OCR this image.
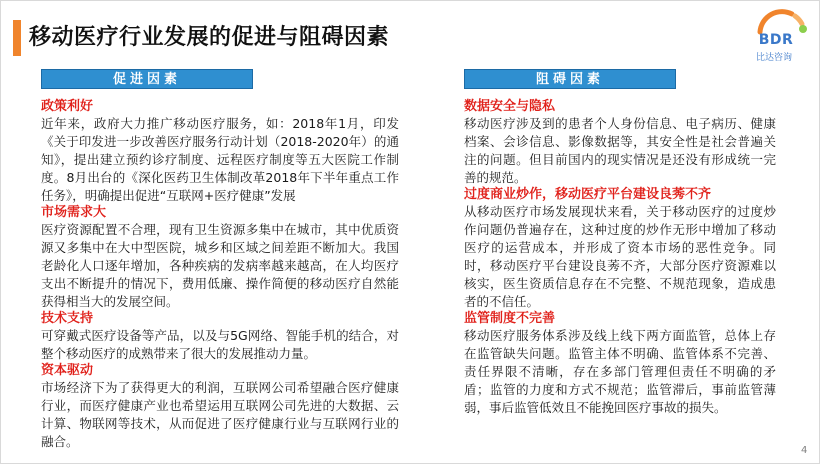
移动医疗行业发展的促进与阻碍因素	BDR
比达咨询
促进因素

政策利好

近年来，政府大力推广移动医疗服务，如：2018年1月，印发《关于印发进一步改善医疗服务行动计划（2018-2020年）的通知》，提出建立预约诊疗制度、远程医疗制度等五大医院工作制度。8月出台的《深化医药卫生体制改革2018年下半年重点工作任务》，明确提出促进“互联网+医疗健康”发展

市场需求大

医疗资源配置不合理，现有卫生资源多集中在城市，其中优质资源又多集中在大中型医院，城乡和区域之间差距不断加大。我国老龄化人口逐年增加，各种疾病的发病率越来越高，在人均医疗支出不断提升的情况下，费用低廉、操作简便的移动医疗自然能获得相当大的发展空间。

技术支持

可穿戴式医疗设备等产品，以及与5G网络、智能手机的结合，对整个移动医疗的成熟带来了很大的发展推动力量。

资本驱动

市场经济下为了获得更大的利润，互联网公司希望融合医疗健康行业，而医疗健康产业也希望运用互联网公司先进的大数据、云计算、物联网等技术，从而促进了医疗健康行业与互联网行业的融合。

阻碍因素

数据安全与隐私

移动医疗涉及到的患者个人身份信息、电子病历、健康档案、会诊信息、影像数据等，其安全性是社会普遍关注的问题。但目前国内的现实情况是还没有形成统一完善的规范。

过度商业炒作，移动医疗平台建设良莠不齐

从移动医疗市场发展现状来看，关于移动医疗的过度炒作问题仍普遍存在，这种过度的炒作无形中增加了移动医疗的运营成本，并形成了资本市场的恶性竞争。同时，移动医疗平台建设良莠不齐，大部分医疗资源难以核实，医生资质信息存在不完整、不规范现象，造成患者的不信任。

监管制度不完善

移动医疗服务体系涉及线上线下两方面监管，总体上存在监管缺失问题。监管主体不明确、监管体系不完善、责任界限不清晰，存在多部门管理但责任不明确的矛盾；监管的力度和方式不规范；监管滞后，事前监管薄弱，事后监管低效且不能挽回医疗事故的损失。

4
